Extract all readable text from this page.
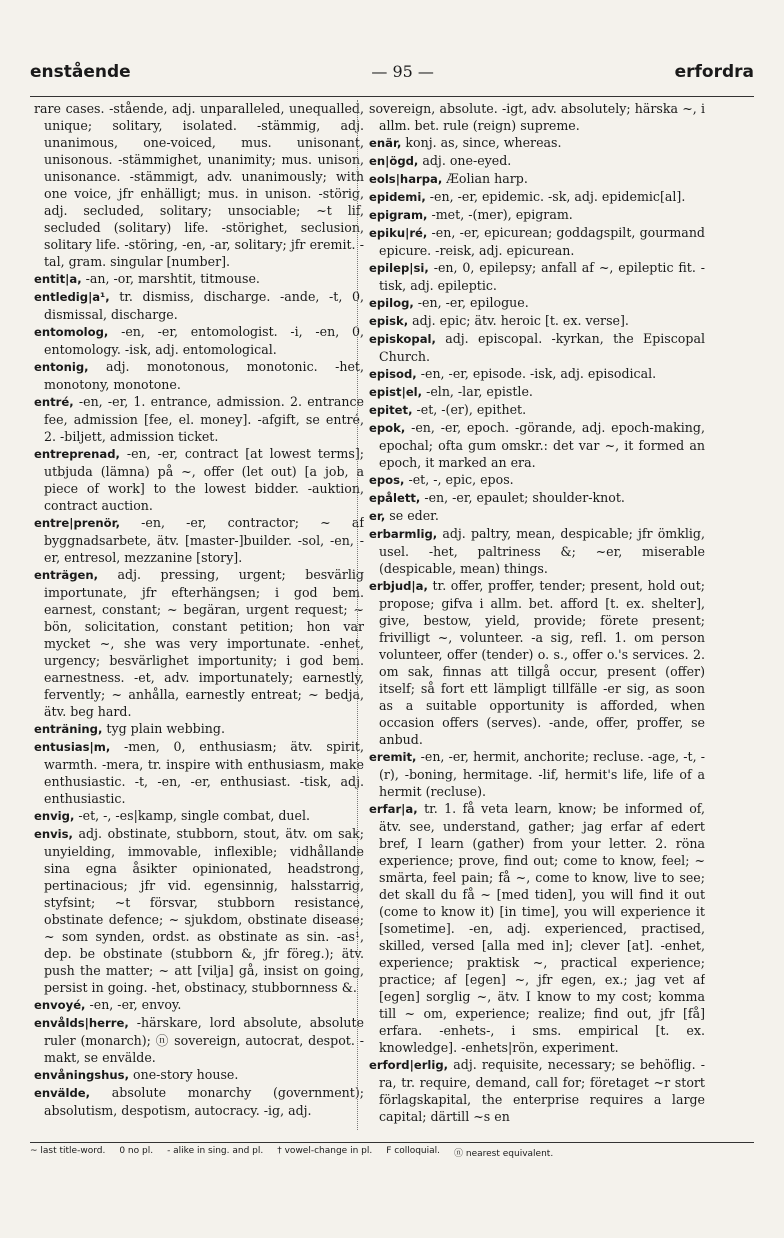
enstående	— 95 —	erfordra
rare cases. -stående, adj. unparalleled, unequalled, unique; solitary, isolated. -stämmig, adj. unanimous, one-voiced, mus. unisonant, unisonous. -stämmighet, unanimity; mus. unison, unisonance. -stämmigt, adv. unanimously; with one voice, jfr enhälligt; mus. in unison. -störig, adj. secluded, solitary; unsociable; ~t lif, secluded (solitary) life. -störighet, seclusion, solitary life. -störing, -en, -ar, solitary; jfr eremit. -tal, gram. singular [number].
entit|a, -an, -or, marshtit, titmouse.
entledig|a¹, tr. dismiss, discharge. -ande, -t, 0, dismissal, discharge.
entomolog, -en, -er, entomologist. -i, -en, 0, entomology. -isk, adj. entomological.
entonig, adj. monotonous, monotonic. -het, monotony, monotone.
entré, -en, -er, 1. entrance, admission. 2. entrance fee, admission [fee, el. money]. -afgift, se entré, 2. -biljett, admission ticket.
entreprenad, -en, -er, contract [at lowest terms]; utbjuda (lämna) på ~, offer (let out) [a job, a piece of work] to the lowest bidder. -auktion, contract auction.
entre|prenör, -en, -er, contractor; ~ af byggnadsarbete, ätv. [master-]builder. -sol, -en, -er, entresol, mezzanine [story].
enträgen, adj. pressing, urgent; besvärlig importunate, jfr efterhängsen; i god bem. earnest, constant; ~ begäran, urgent request; ~ bön, solicitation, constant petition; hon var mycket ~, she was very importunate. -enhet, urgency; besvärlighet importunity; i god bem. earnestness. -et, adv. importunately; earnestly, fervently; ~ anhålla, earnestly entreat; ~ bedja, ätv. beg hard.
enträning, tyg plain webbing.
entusias|m, -men, 0, enthusiasm; ätv. spirit, warmth. -mera, tr. inspire with enthusiasm, make enthusiastic. -t, -en, -er, enthusiast. -tisk, adj. enthusiastic.
envig, -et, -, -es|kamp, single combat, duel.
envis, adj. obstinate, stubborn, stout, ätv. om sak; unyielding, immovable, inflexible; vidhållande sina egna åsikter opinionated, headstrong, pertinacious; jfr vid. egensinnig, halsstarrig, styfsint; ~t försvar, stubborn resistance, obstinate defence; ~ sjukdom, obstinate disease; ~ som synden, ordst. as obstinate as sin. -as¹, dep. be obstinate (stubborn &, jfr föreg.); ätv. push the matter; ~ att [vilja] gå, insist on going, persist in going. -het, obstinacy, stubbornness &.
envoyé, -en, -er, envoy.
envålds|herre, -härskare, lord absolute, absolute ruler (monarch); ⓝ sovereign, autocrat, despot. -makt, se envälde.
envåningshus, one-story house.
envälde, absolute monarchy (government); absolutism, despotism, autocracy. -ig, adj.
sovereign, absolute. -igt, adv. absolutely; härska ~, i allm. bet. rule (reign) supreme.
enär, konj. as, since, whereas.
en|ögd, adj. one-eyed.
eols|harpa, Æolian harp.
epidemi, -en, -er, epidemic. -sk, adj. epidemic[al].
epigram, -met, -(mer), epigram.
epiku|ré, -en, -er, epicurean; goddagspilt, gourmand epicure. -reisk, adj. epicurean.
epilep|si, -en, 0, epilepsy; anfall af ~, epileptic fit. -tisk, adj. epileptic.
epilog, -en, -er, epilogue.
episk, adj. epic; ätv. heroic [t. ex. verse].
episkopal, adj. episcopal. -kyrkan, the Episcopal Church.
episod, -en, -er, episode. -isk, adj. episodical.
epist|el, -eln, -lar, epistle.
epitet, -et, -(er), epithet.
epok, -en, -er, epoch. -görande, adj. epoch-making, epochal; ofta gum omskr.: det var ~, it formed an epoch, it marked an era.
epos, -et, -, epic, epos.
epålett, -en, -er, epaulet; shoulder-knot.
er, se eder.
erbarmlig, adj. paltry, mean, despicable; jfr ömklig, usel. -het, paltriness &; ~er, miserable (despicable, mean) things.
erbjud|a, tr. offer, proffer, tender; present, hold out; propose; gifva i allm. bet. afford [t. ex. shelter], give, bestow, yield, provide; förete present; frivilligt ~, volunteer. -a sig, refl. 1. om person volunteer, offer (tender) o. s., offer o.'s services. 2. om sak, finnas att tillgå occur, present (offer) itself; så fort ett lämpligt tillfälle -er sig, as soon as a suitable opportunity is afforded, when occasion offers (serves). -ande, offer, proffer, se anbud.
eremit, -en, -er, hermit, anchorite; recluse. -age, -t, -(r), -boning, hermitage. -lif, hermit's life, life of a hermit (recluse).
erfar|a, tr. 1. få veta learn, know; be informed of, ätv. see, understand, gather; jag erfar af edert bref, I learn (gather) from your letter. 2. röna experience; prove, find out; come to know, feel; ~ smärta, feel pain; få ~, come to know, live to see; det skall du få ~ [med tiden], you will find it out (come to know it) [in time], you will experience it [sometime]. -en, adj. experienced, practised, skilled, versed [alla med in]; clever [at]. -enhet, experience; praktisk ~, practical experience; practice; af [egen] ~, jfr egen, ex.; jag vet af [egen] sorglig ~, ätv. I know to my cost; komma till ~ om, experience; realize; find out, jfr [få] erfara. -enhets-, i sms. empirical [t. ex. knowledge]. -enhets|rön, experiment.
erford|erlig, adj. requisite, necessary; se behöflig. -ra, tr. require, demand, call for; företaget ~r stort förlagskapital, the enterprise requires a large capital; därtill ~s en
~ last title-word. 0 no pl. - alike in sing. and pl. † vowel-change in pl. F colloquial. ⓝ nearest equivalent.
